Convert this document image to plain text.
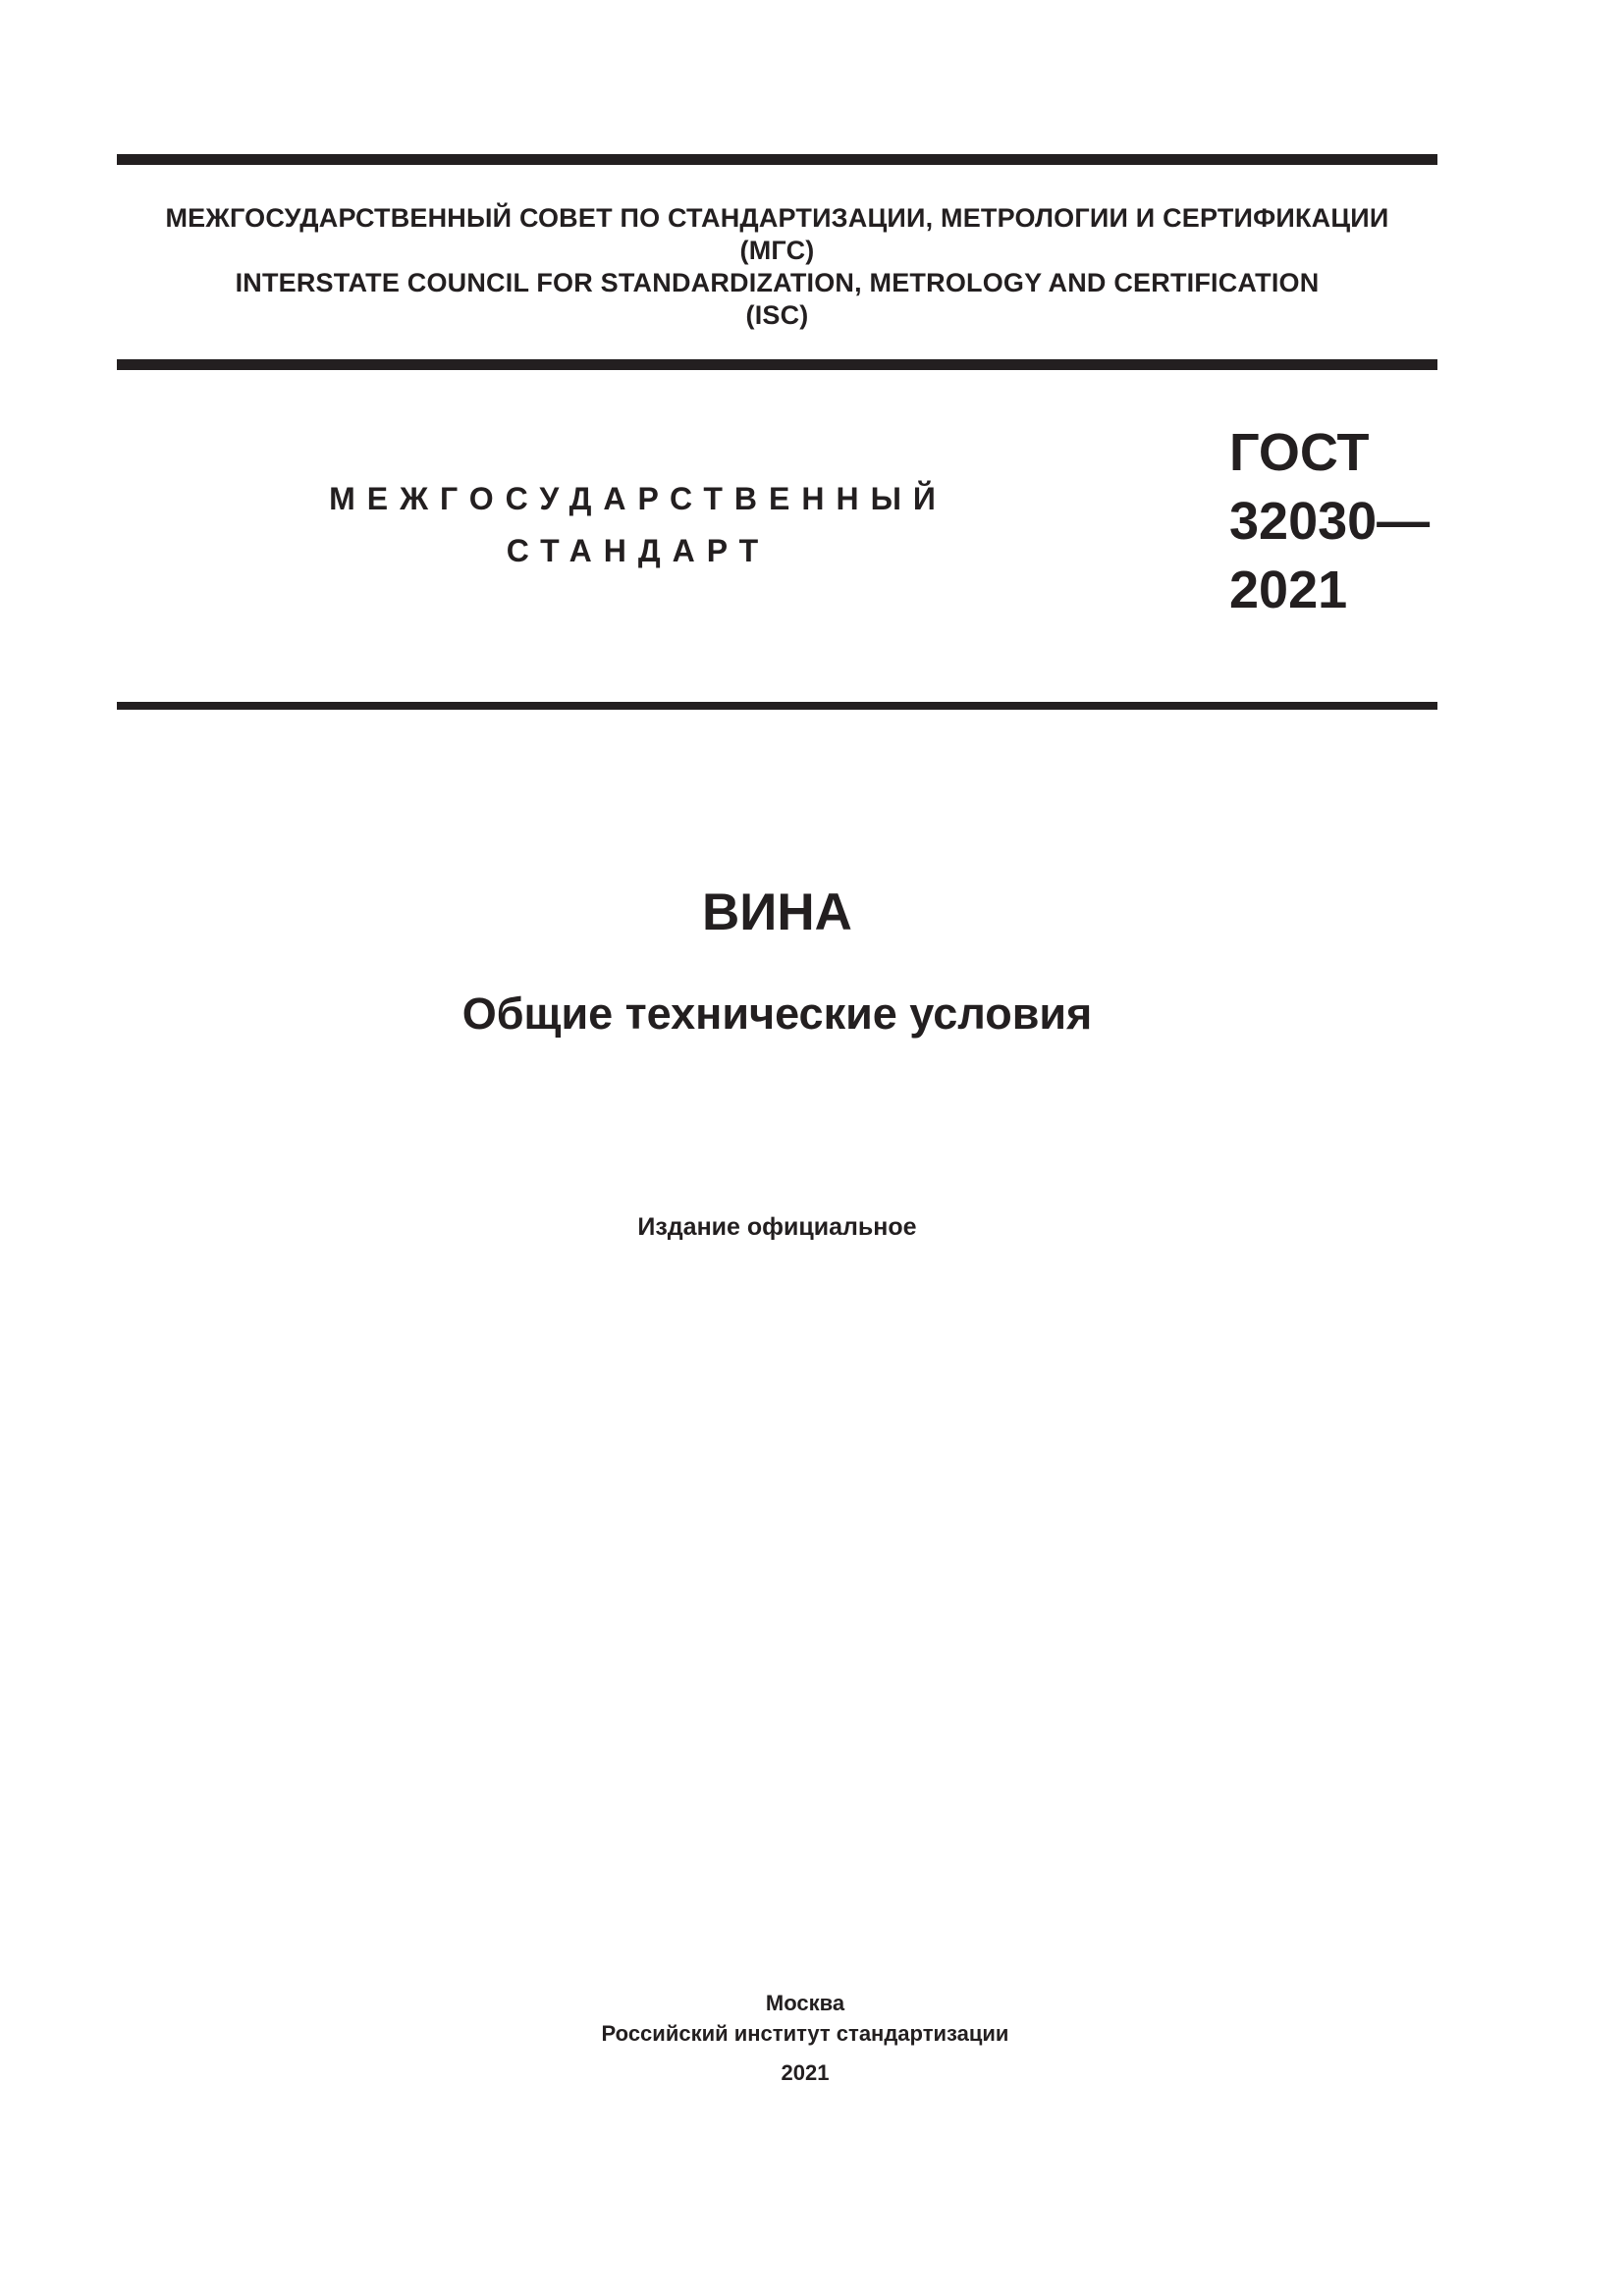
МЕЖГОСУДАРСТВЕННЫЙ СОВЕТ ПО СТАНДАРТИЗАЦИИ, МЕТРОЛОГИИ И СЕРТИФИКАЦИИ
(МГС)
INTERSTATE COUNCIL FOR STANDARDIZATION, METROLOGY AND CERTIFICATION
(ISC)
МЕЖГОСУДАРСТВЕННЫЙ
СТАНДАРТ
ГОСТ
32030—
2021
ВИНА
Общие технические условия
Издание официальное
Москва
Российский институт стандартизации
2021
